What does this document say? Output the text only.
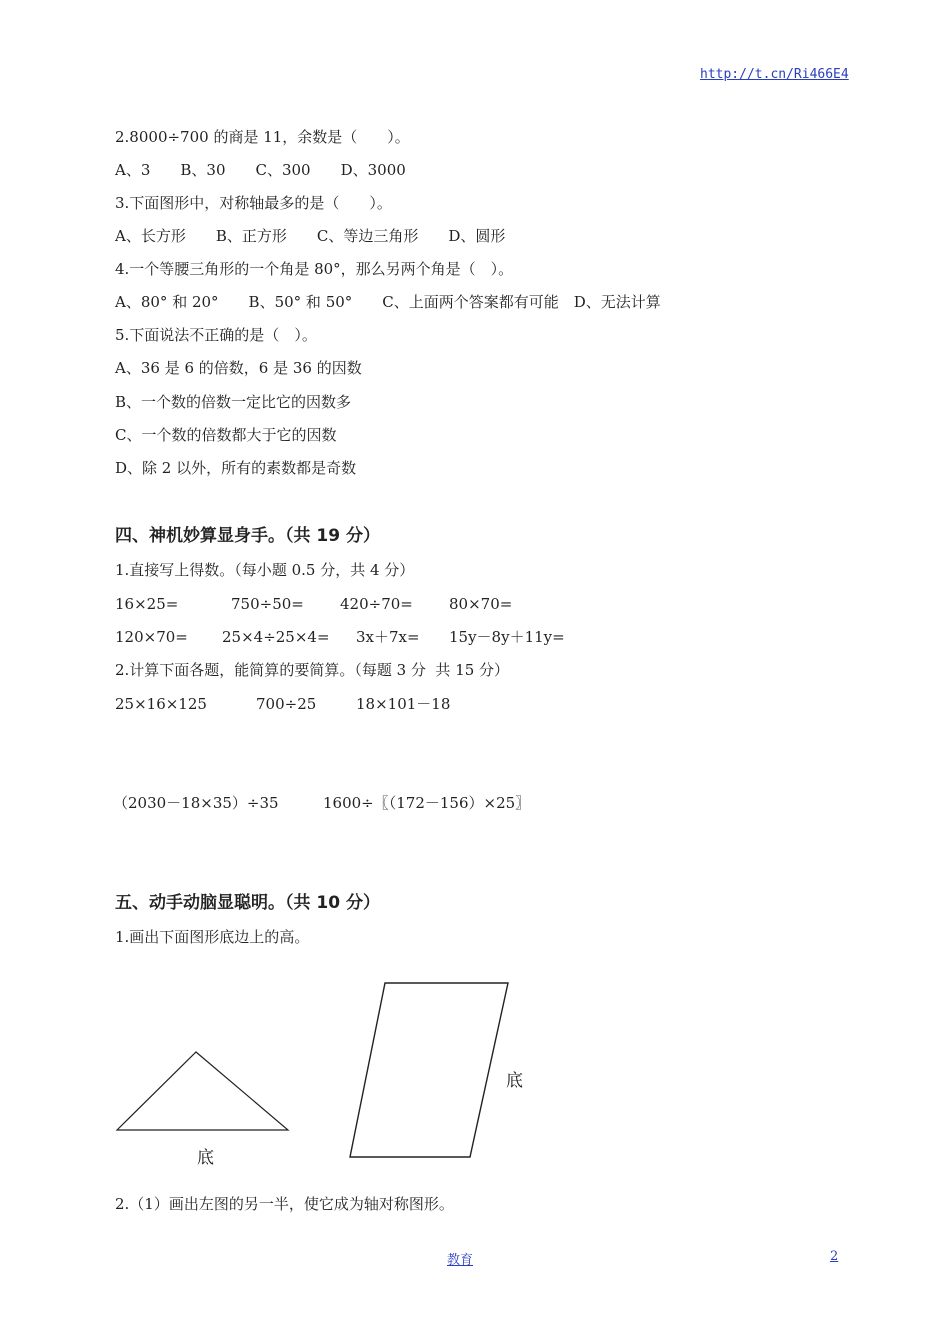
http://t.cn/Ri466E4
2.8000÷700 的商是 11，余数是（　　）。
A、3　　B、30　　C、300　　D、3000
3.下面图形中，对称轴最多的是（　　）。
A、长方形　　B、正方形　　C、等边三角形　　D、圆形
4.一个等腰三角形的一个角是 80°，那么另两个角是（　）。
A、80° 和 20°　　B、50° 和 50°　　C、上面两个答案都有可能　D、无法计算
5.下面说法不正确的是（　）。
A、36 是 6 的倍数，6 是 36 的因数
B、一个数的倍数一定比它的因数多
C、一个数的倍数都大于它的因数
D、除 2 以外，所有的素数都是奇数
四、神机妙算显身手。（共 19 分）
1.直接写上得数。（每小题 0.5 分，共 4 分）
16×25=	750÷50= 420÷70= 80×70=
120×70= 25×4÷25×4= 3x＋7x= 15y－8y＋11y=
2.计算下面各题，能简算的要简算。（每题 3 分  共 15 分）
25×16×125	700÷25	18×101－18
（2030－18×35）÷35	1600÷〖（172－156）×25〗
五、动手动脑显聪明。（共 10 分）
1.画出下面图形底边上的高。
底
底
2.（1）画出左图的另一半，使它成为轴对称图形。
教育	2
